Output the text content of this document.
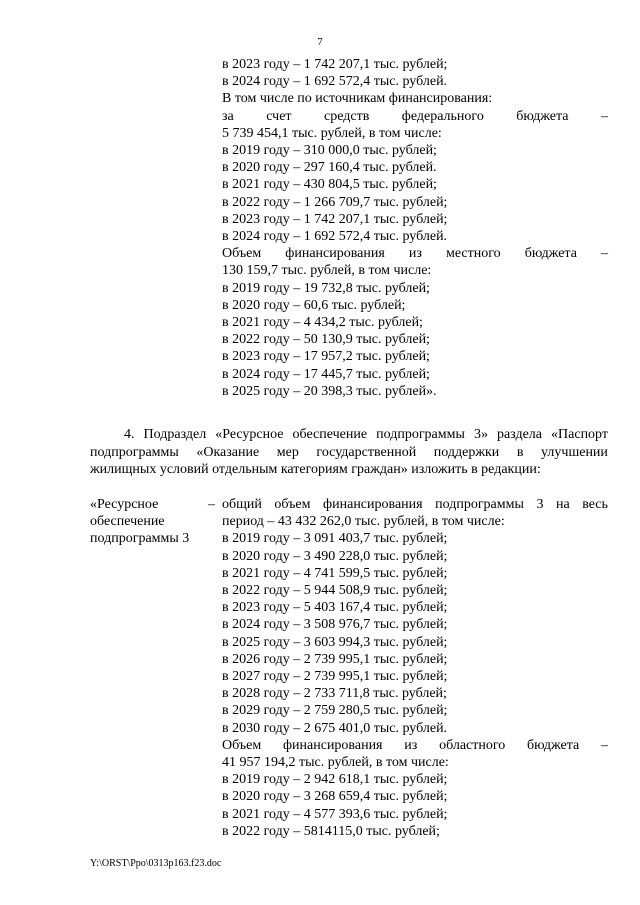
7
в 2023 году – 1 742 207,1 тыс. рублей;
в 2024 году – 1 692 572,4 тыс. рублей.
В том числе по источникам финансирования:
за счет средств федерального бюджета –
5 739 454,1 тыс. рублей, в том числе:
в 2019 году – 310 000,0 тыс. рублей;
в 2020 году – 297 160,4 тыс. рублей.
в 2021 году – 430 804,5 тыс. рублей;
в 2022 году – 1 266 709,7 тыс. рублей;
в 2023 году – 1 742 207,1 тыс. рублей;
в 2024 году – 1 692 572,4 тыс. рублей.
Объем финансирования из местного бюджета –
130 159,7 тыс. рублей, в том числе:
в 2019 году – 19 732,8 тыс. рублей;
в 2020 году – 60,6 тыс. рублей;
в 2021 году – 4 434,2 тыс. рублей;
в 2022 году – 50 130,9 тыс. рублей;
в 2023 году – 17 957,2 тыс. рублей;
в 2024 году – 17 445,7 тыс. рублей;
в 2025 году – 20 398,3 тыс. рублей».
4. Подраздел «Ресурсное обеспечение подпрограммы 3» раздела «Паспорт
подпрограммы «Оказание мер государственной поддержки в улучшении
жилищных условий отдельным категориям граждан» изложить в редакции:
«Ресурсное
обеспечение
подпрограммы 3
– общий объем финансирования подпрограммы 3 на весь
период – 43 432 262,0 тыс. рублей, в том числе:
в 2019 году – 3 091 403,7 тыс. рублей;
в 2020 году – 3 490 228,0 тыс. рублей;
в 2021 году – 4 741 599,5 тыс. рублей;
в 2022 году – 5 944 508,9 тыс. рублей;
в 2023 году – 5 403 167,4 тыс. рублей;
в 2024 году – 3 508 976,7 тыс. рублей;
в 2025 году – 3 603 994,3 тыс. рублей;
в 2026 году – 2 739 995,1 тыс. рублей;
в 2027 году – 2 739 995,1 тыс. рублей;
в 2028 году – 2 733 711,8 тыс. рублей;
в 2029 году – 2 759 280,5 тыс. рублей;
в 2030 году – 2 675 401,0 тыс. рублей.
Объем финансирования из областного бюджета –
41 957 194,2 тыс. рублей, в том числе:
в 2019 году – 2 942 618,1 тыс. рублей;
в 2020 году – 3 268 659,4 тыс. рублей;
в 2021 году – 4 577 393,6 тыс. рублей;
в 2022 году – 5814115,0 тыс. рублей;
Y:\ORST\Ppo\0313p163.f23.doc
